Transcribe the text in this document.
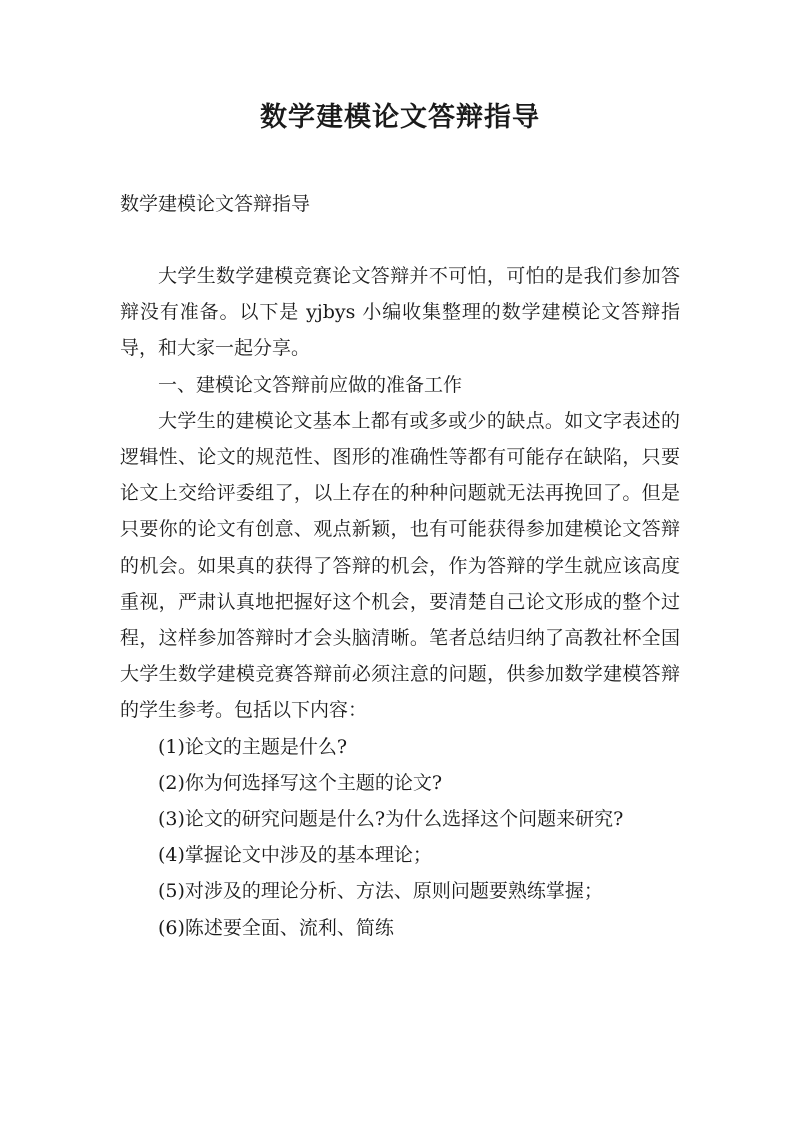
数学建模论文答辩指导
数学建模论文答辩指导

大学生数学建模竞赛论文答辩并不可怕，可怕的是我们参加答辩没有准备。以下是 yjbys 小编收集整理的数学建模论文答辩指导，和大家一起分享。

一、建模论文答辩前应做的准备工作

大学生的建模论文基本上都有或多或少的缺点。如文字表述的逻辑性、论文的规范性、图形的准确性等都有可能存在缺陷，只要论文上交给评委组了，以上存在的种种问题就无法再挽回了。但是只要你的论文有创意、观点新颖，也有可能获得参加建模论文答辩的机会。如果真的获得了答辩的机会，作为答辩的学生就应该高度重视，严肃认真地把握好这个机会，要清楚自己论文形成的整个过程，这样参加答辩时才会头脑清晰。笔者总结归纳了高教社杯全国大学生数学建模竞赛答辩前必须注意的问题，供参加数学建模答辩的学生参考。包括以下内容：

(1)论文的主题是什么?

(2)你为何选择写这个主题的论文?

(3)论文的研究问题是什么?为什么选择这个问题来研究?

(4)掌握论文中涉及的基本理论；

(5)对涉及的理论分析、方法、原则问题要熟练掌握；

(6)陈述要全面、流利、简练
